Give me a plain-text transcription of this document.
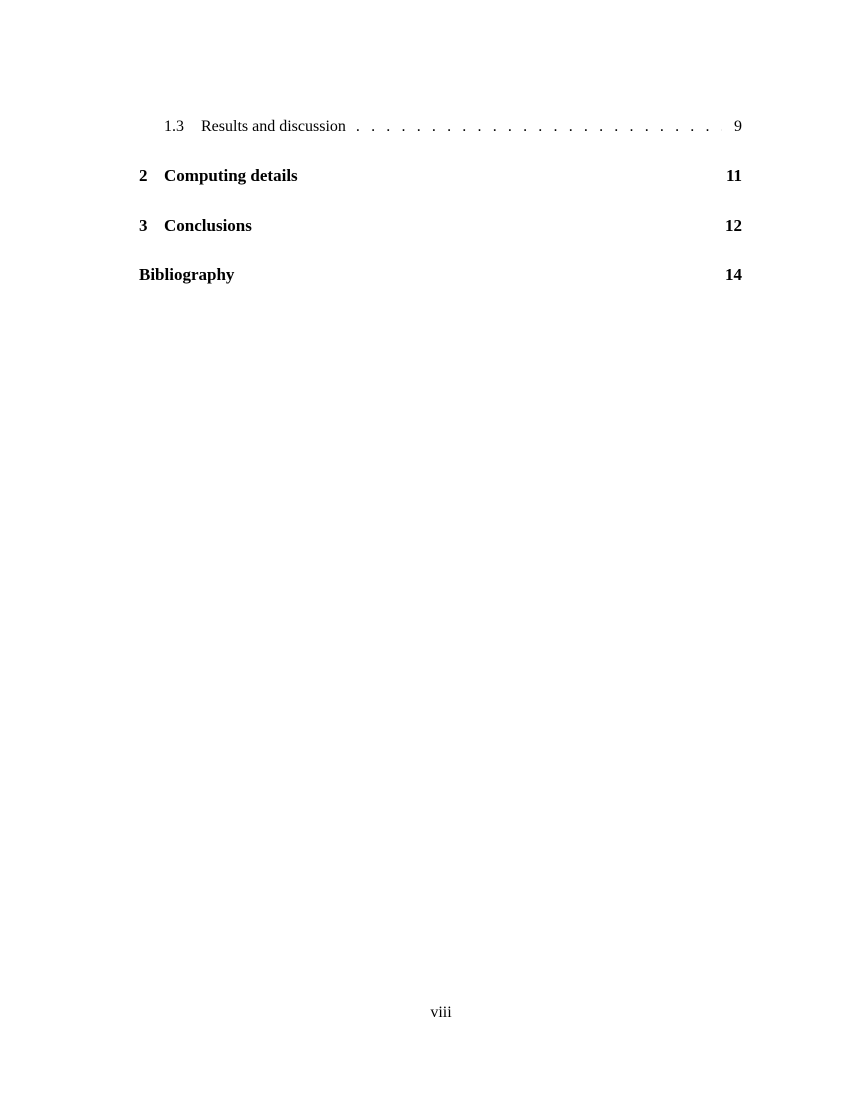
1.3	Results and discussion . . .	9
2 Computing details	11
3 Conclusions	12
Bibliography	14
viii
